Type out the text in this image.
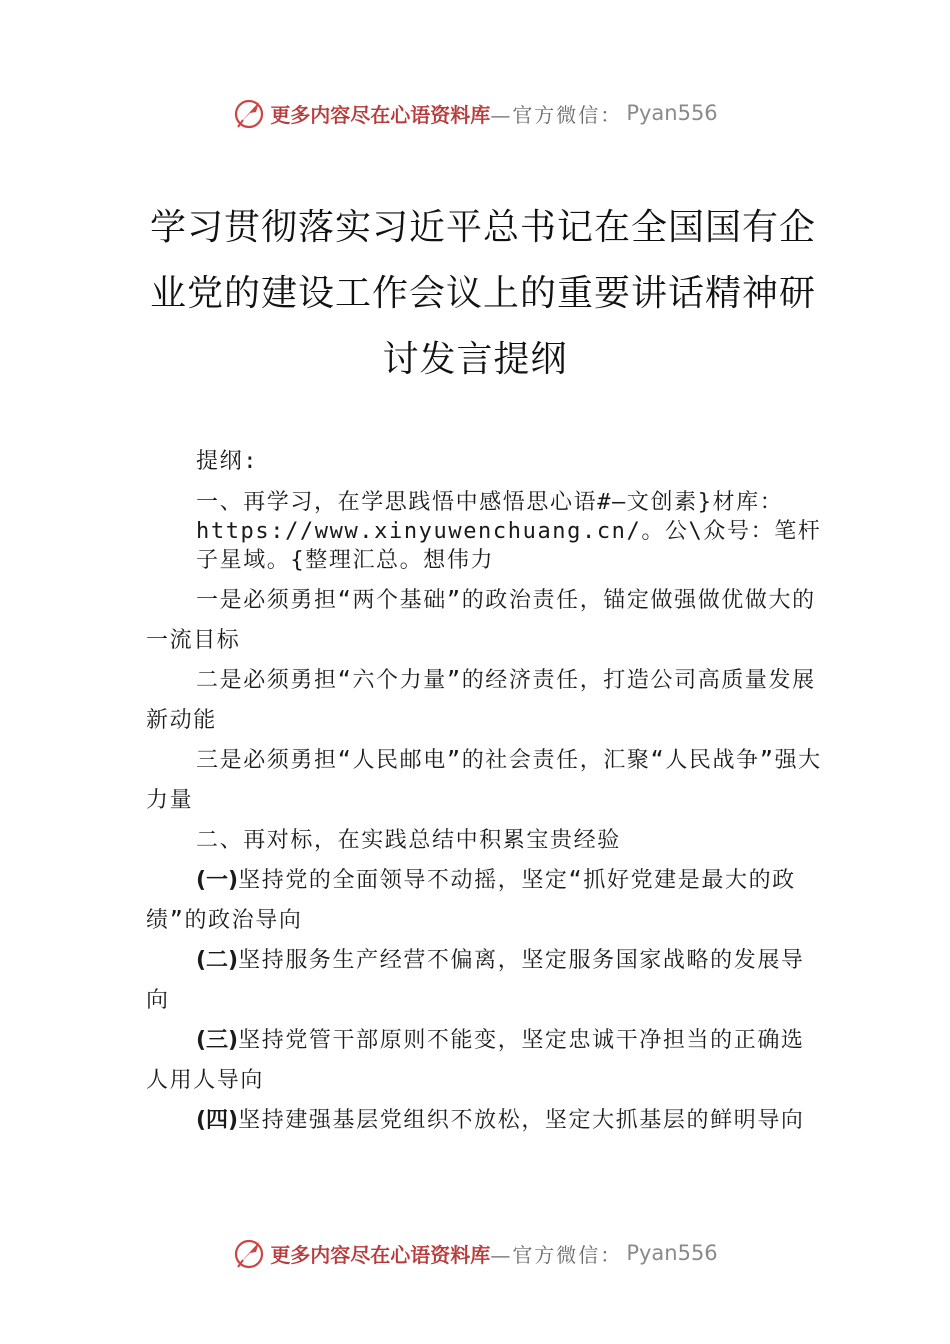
更多内容尽在心语资料库 —官方微信： Pyan556
学习贯彻落实习近平总书记在全国国有企
业党的建设工作会议上的重要讲话精神研
讨发言提纲

提纲:

一、再学习，在学思践悟中感悟思心语#—文创素}材库：https://www.xinyuwenchuang.cn/。公\众号：笔杆子星域。{整理汇总。想伟力

一是必须勇担“两个基础”的政治责任，锚定做强做优做大的一流目标

二是必须勇担“六个力量”的经济责任，打造公司高质量发展新动能

三是必须勇担“人民邮电”的社会责任，汇聚“人民战争”强大力量

二、再对标，在实践总结中积累宝贵经验

(一)坚持党的全面领导不动摇，坚定“抓好党建是最大的政绩”的政治导向

(二)坚持服务生产经营不偏离，坚定服务国家战略的发展导向

(三)坚持党管干部原则不能变，坚定忠诚干净担当的正确选人用人导向

(四)坚持建强基层党组织不放松，坚定大抓基层的鲜明导向

更多内容尽在心语资料库 —官方微信： Pyan556
